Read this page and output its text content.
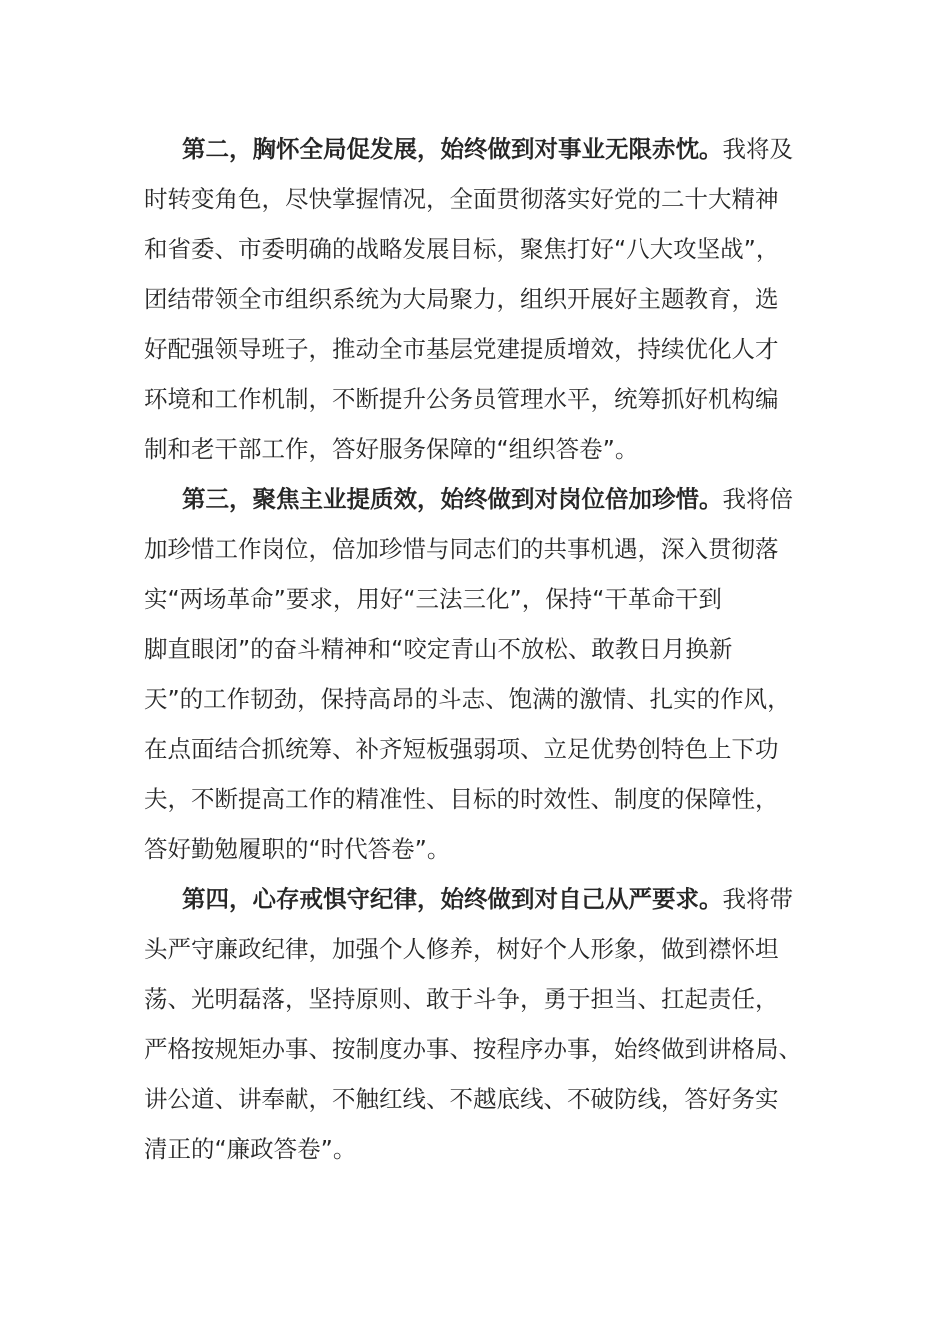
第二，胸怀全局促发展，始终做到对事业无限赤忱。我将及
时转变角色，尽快掌握情况，全面贯彻落实好党的二十大精神
和省委、市委明确的战略发展目标，聚焦打好“八大攻坚战”，
团结带领全市组织系统为大局聚力，组织开展好主题教育，选
好配强领导班子，推动全市基层党建提质增效，持续优化人才
环境和工作机制，不断提升公务员管理水平，统筹抓好机构编
制和老干部工作，答好服务保障的“组织答卷”。
第三，聚焦主业提质效，始终做到对岗位倍加珍惜。我将倍
加珍惜工作岗位，倍加珍惜与同志们的共事机遇，深入贯彻落
实“两场革命”要求，用好“三法三化”，保持“干革命干到
脚直眼闭”的奋斗精神和“咬定青山不放松、敢教日月换新
天”的工作韧劲，保持高昂的斗志、饱满的激情、扎实的作风，
在点面结合抓统筹、补齐短板强弱项、立足优势创特色上下功
夫，不断提高工作的精准性、目标的时效性、制度的保障性，
答好勤勉履职的“时代答卷”。
第四，心存戒惧守纪律，始终做到对自己从严要求。我将带
头严守廉政纪律，加强个人修养，树好个人形象，做到襟怀坦
荡、光明磊落，坚持原则、敢于斗争，勇于担当、扛起责任，
严格按规矩办事、按制度办事、按程序办事，始终做到讲格局、
讲公道、讲奉献，不触红线、不越底线、不破防线，答好务实
清正的“廉政答卷”。
